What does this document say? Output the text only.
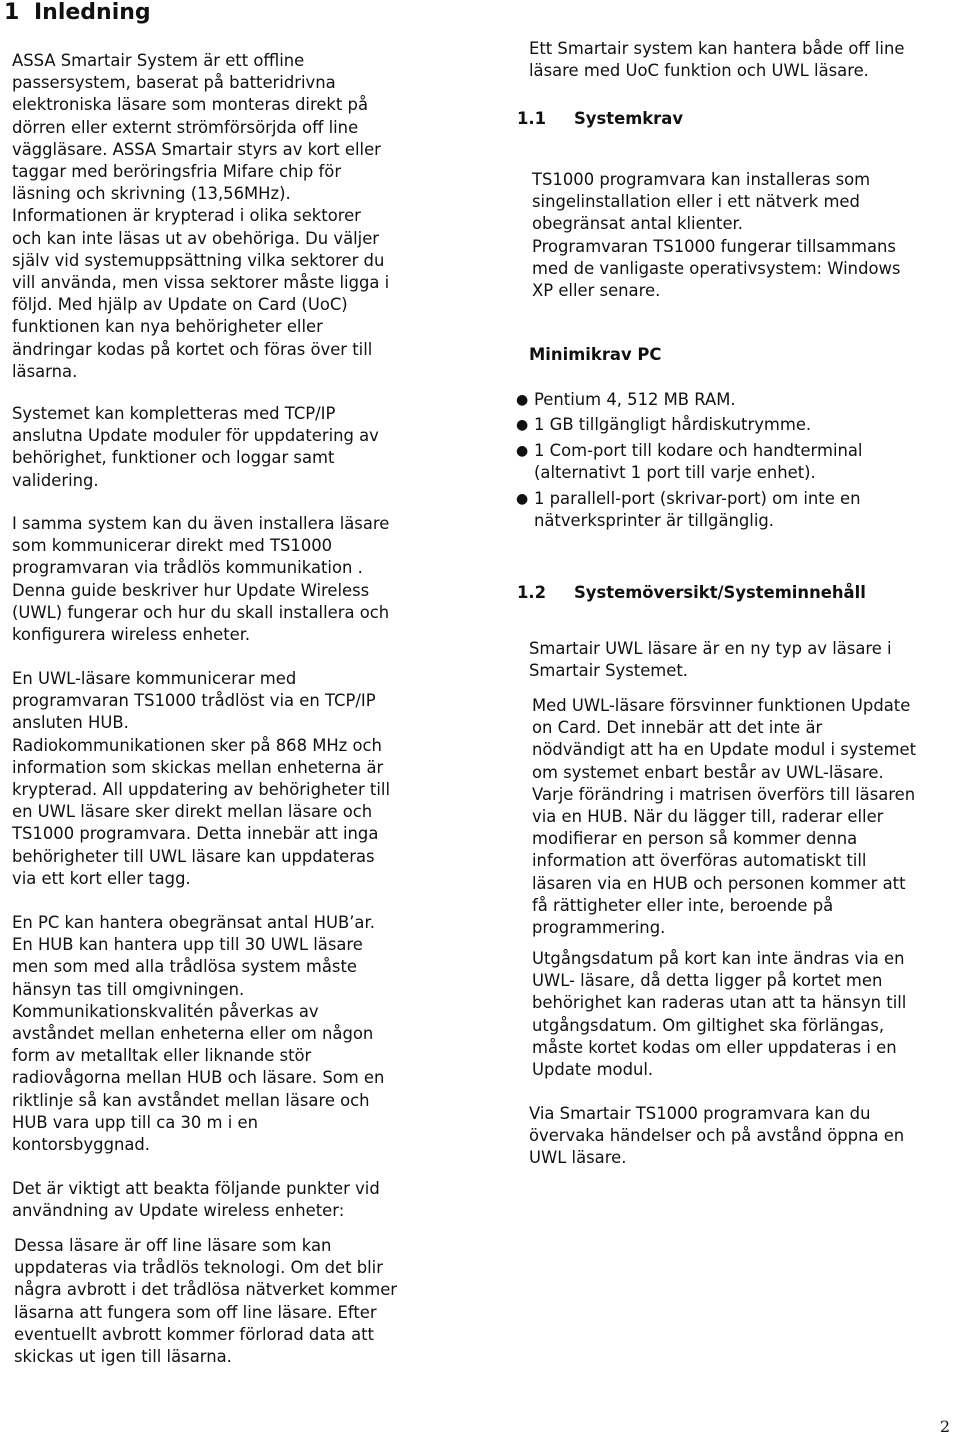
1 Inledning

ASSA Smartair System är ett offline
passersystem, baserat på batteridrivna
elektroniska läsare som monteras direkt på
dörren eller externt strömförsörjda off line
väggläsare. ASSA Smartair styrs av kort eller
taggar med beröringsfria Mifare chip för
läsning och skrivning (13,56MHz).
Informationen är krypterad i olika sektorer
och kan inte läsas ut av obehöriga. Du väljer
själv vid systemuppsättning vilka sektorer du
vill använda, men vissa sektorer måste ligga i
följd. Med hjälp av Update on Card (UoC)
funktionen kan nya behörigheter eller
ändringar kodas på kortet och föras över till
läsarna.

Systemet kan kompletteras med TCP/IP
anslutna Update moduler för uppdatering av
behörighet, funktioner och loggar samt
validering.

I samma system kan du även installera läsare
som kommunicerar direkt med TS1000
programvaran via trådlös kommunikation .
Denna guide beskriver hur Update Wireless
(UWL) fungerar och hur du skall installera och
konfigurera wireless enheter.

En UWL-läsare kommunicerar med
programvaran TS1000 trådlöst via en TCP/IP
ansluten HUB.
Radiokommunikationen sker på 868 MHz och
information som skickas mellan enheterna är
krypterad. All uppdatering av behörigheter till
en UWL läsare sker direkt mellan läsare och
TS1000 programvara. Detta innebär att inga
behörigheter till UWL läsare kan uppdateras
via ett kort eller tagg.

En PC kan hantera obegränsat antal HUB’ar.
En HUB kan hantera upp till 30 UWL läsare
men som med alla trådlösa system måste
hänsyn tas till omgivningen.
Kommunikationskvalitén påverkas av
avståndet mellan enheterna eller om någon
form av metalltak eller liknande stör
radiovågorna mellan HUB och läsare. Som en
riktlinje så kan avståndet mellan läsare och
HUB vara upp till ca 30 m i en
kontorsbyggnad.

Det är viktigt att beakta följande punkter vid
användning av Update wireless enheter:

Dessa läsare är off line läsare som kan
uppdateras via trådlös teknologi. Om det blir
några avbrott i det trådlösa nätverket kommer
läsarna att fungera som off line läsare. Efter
eventuellt avbrott kommer förlorad data att
skickas ut igen till läsarna.

Ett Smartair system kan hantera både off line
läsare med UoC funktion och UWL läsare.

1.1 Systemkrav

TS1000 programvara kan installeras som
singelinstallation eller i ett nätverk med
obegränsat antal klienter.
Programvaran TS1000 fungerar tillsammans
med de vanligaste operativsystem: Windows
XP eller senare.

Minimikrav PC
● Pentium 4, 512 MB RAM.
● 1 GB tillgängligt hårdiskutrymme.
● 1 Com-port till kodare och handterminal
(alternativt 1 port till varje enhet).
● 1 parallell-port (skrivar-port) om inte en
nätverksprinter är tillgänglig.
1.2 Systemöversikt/Systeminnehåll

Smartair UWL läsare är en ny typ av läsare i
Smartair Systemet.

Med UWL-läsare försvinner funktionen Update
on Card. Det innebär att det inte är
nödvändigt att ha en Update modul i systemet
om systemet enbart består av UWL-läsare.
Varje förändring i matrisen överförs till läsaren
via en HUB. När du lägger till, raderar eller
modifierar en person så kommer denna
information att överföras automatiskt till
läsaren via en HUB och personen kommer att
få rättigheter eller inte, beroende på
programmering.

Utgångsdatum på kort kan inte ändras via en
UWL- läsare, då detta ligger på kortet men
behörighet kan raderas utan att ta hänsyn till
utgångsdatum. Om giltighet ska förlängas,
måste kortet kodas om eller uppdateras i en
Update modul.

Via Smartair TS1000 programvara kan du
övervaka händelser och på avstånd öppna en
UWL läsare.

2
